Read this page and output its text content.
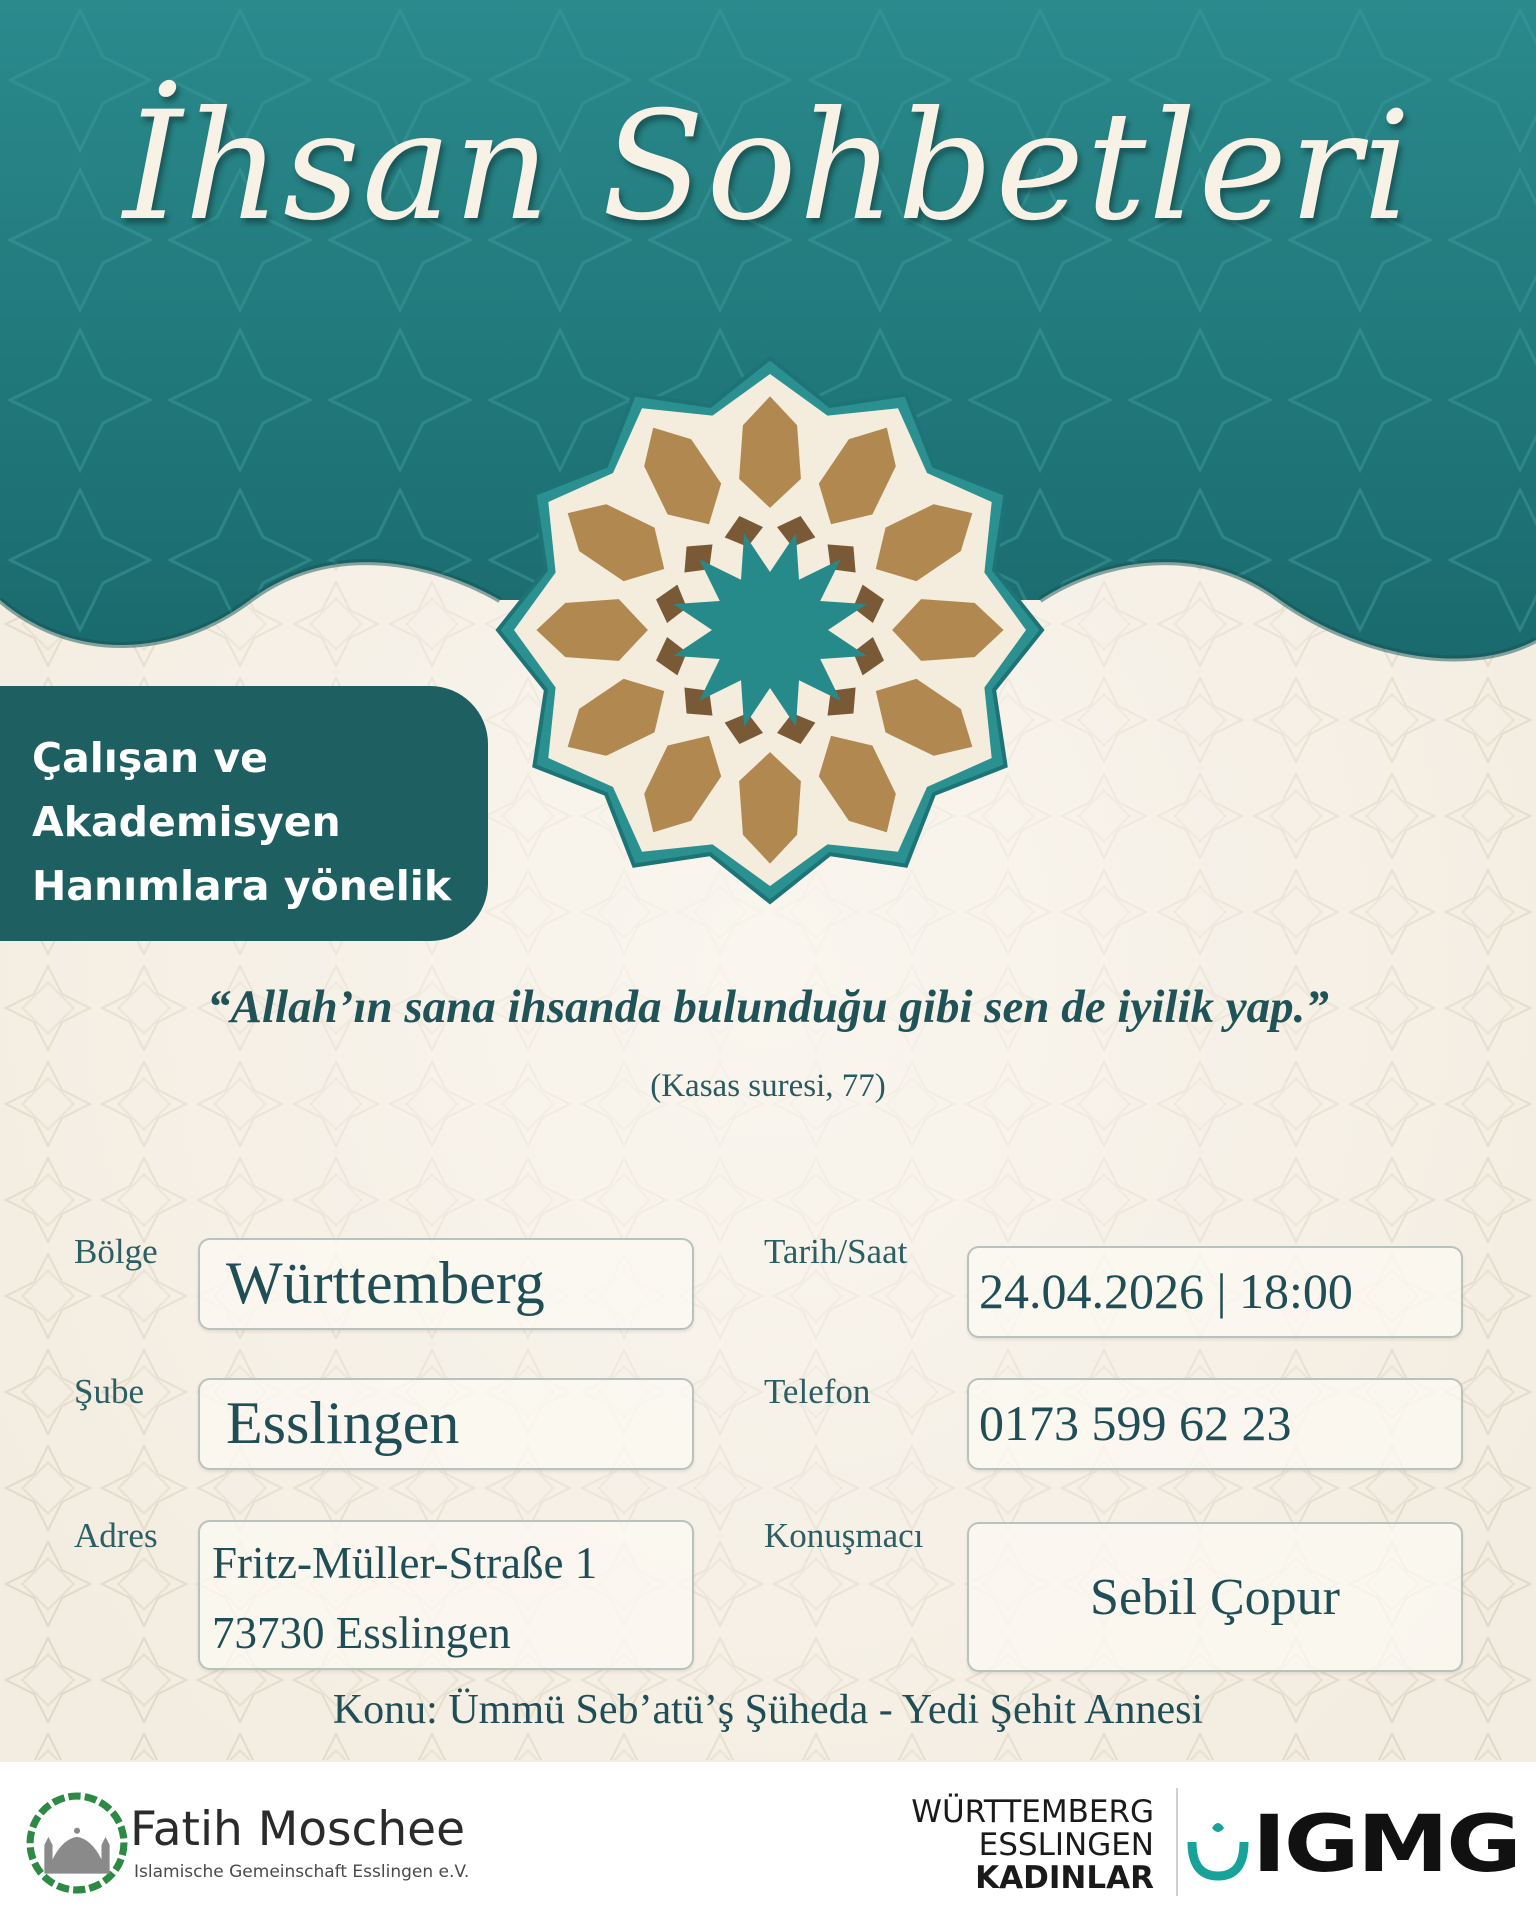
İhsan Sohbetleri
Çalışan ve
Akademisyen
Hanımlara yönelik
“Allah’ın sana ihsanda bulunduğu gibi sen de iyilik yap.”
(Kasas suresi, 77)
Bölge	Württemberg
Şube	Esslingen
Adres
Fritz-Müller-Straße 1
73730 Esslingen
Tarih/Saat
24.04.2026 | 18:00
Telefon
0173 599 62 23
Konuşmacı
Sebil Çopur
Konu: Ümmü Seb’atü’ş Şüheda - Yedi Şehit Annesi
Fatih Moschee
Islamische Gemeinschaft Esslingen e.V.
WÜRTTEMBERG
ESSLINGEN
KADINLAR IGMG
